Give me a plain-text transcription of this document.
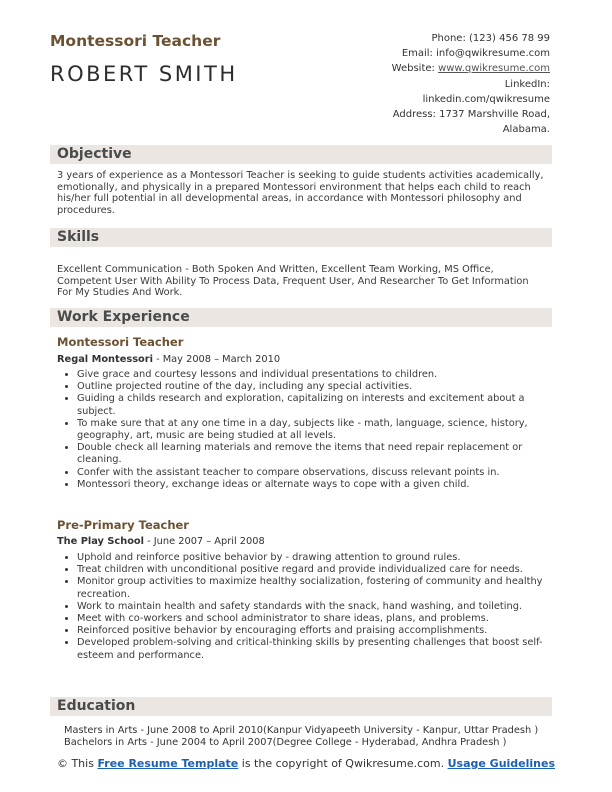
Montessori Teacher
ROBERT SMITH
Phone: (123) 456 78 99
Email: info@qwikresume.com
Website: www.qwikresume.com
LinkedIn:
linkedin.com/qwikresume
Address: 1737 Marshville Road,
Alabama.
Objective
3 years of experience as a Montessori Teacher is seeking to guide students activities academically, emotionally, and physically in a prepared Montessori environment that helps each child to reach his/her full potential in all developmental areas, in accordance with Montessori philosophy and procedures.
Skills
Excellent Communication - Both Spoken And Written, Excellent Team Working, MS Office, Competent User With Ability To Process Data, Frequent User, And Researcher To Get Information For My Studies And Work.
Work Experience
Montessori Teacher
Regal Montessori - May 2008 – March 2010
• Give grace and courtesy lessons and individual presentations to children.
• Outline projected routine of the day, including any special activities.
• Guiding a childs research and exploration, capitalizing on interests and excitement about a subject.
• To make sure that at any one time in a day, subjects like - math, language, science, history, geography, art, music are being studied at all levels.
• Double check all learning materials and remove the items that need repair replacement or cleaning.
• Confer with the assistant teacher to compare observations, discuss relevant points in.
• Montessori theory, exchange ideas or alternate ways to cope with a given child.
Pre-Primary Teacher
The Play School - June 2007 – April 2008
• Uphold and reinforce positive behavior by - drawing attention to ground rules.
• Treat children with unconditional positive regard and provide individualized care for needs.
• Monitor group activities to maximize healthy socialization, fostering of community and healthy recreation.
• Work to maintain health and safety standards with the snack, hand washing, and toileting.
• Meet with co-workers and school administrator to share ideas, plans, and problems.
• Reinforced positive behavior by encouraging efforts and praising accomplishments.
• Developed problem-solving and critical-thinking skills by presenting challenges that boost self-esteem and performance.
Education
Masters in Arts - June 2008 to April 2010(Kanpur Vidyapeeth University - Kanpur, Uttar Pradesh )
Bachelors in Arts - June 2004 to April 2007(Degree College - Hyderabad, Andhra Pradesh )
© This Free Resume Template is the copyright of Qwikresume.com. Usage Guidelines
